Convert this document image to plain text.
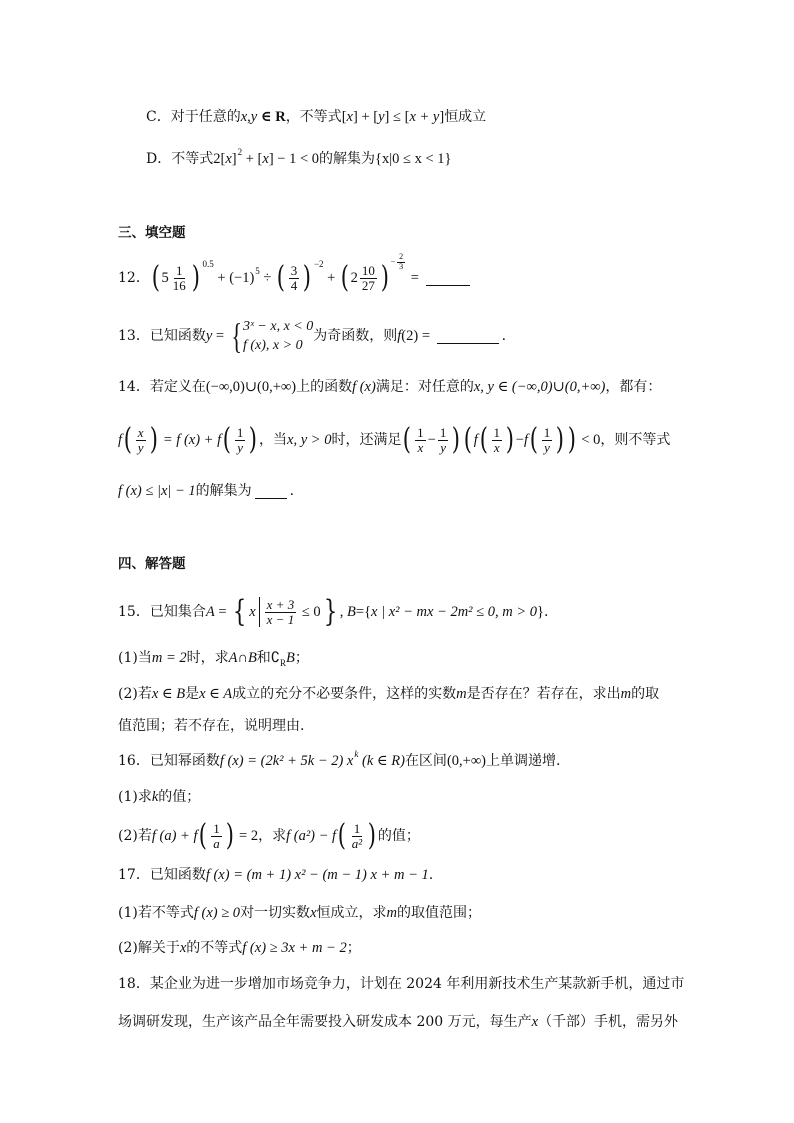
C．对于任意的 x , y ∈ R ，不等式 [ x ] + [ y ] ≤ [ x + y ] 恒成立
D．不等式 2 [ x ] 2 + [ x ] − 1 < 0 的解集为 {x|0 ≤ x < 1}
三、填空题
12． ( $5 \frac{1}{16}$ ) 0.5
+ (−1) 5 ÷ ( $\frac{3}{4}$ ) −2
+ ( $2 \frac{10}{27}$ ) − $\frac{2}{3}$
=
13．已知函数 y = { 3ˣ − x, x < 0
f (x), x > 0
为奇函数，则 f (2) =	.
14．若定义在 (−∞,0)∪(0,+∞) 上的函数 f (x) 满足：对任意的 x, y ∈ (−∞,0)∪(0,+∞) ，都有：
f ( $\frac{x}{y}$ ) = f (x) + f ( $\frac{1}{y}$ ) ，当 x, y > 0 时，还满足 ( $\frac{1}{x} - \frac{1}{y}$ ) ( f ( $\frac{1}{x}$ ) − f ( $\frac{1}{y}$ ) ) < 0 ，则不等式
f (x) ≤ |x| − 1 的解集为	.
四、解答题
15．已知集合 A = { x $\frac{x + 3}{x - 1} \le 0$ } , B = { x | x² − mx − 2m² ≤ 0, m > 0 } .
(1)当 m = 2 时，求 A∩B 和 ∁ R B ；
(2)若 x ∈ B 是 x ∈ A 成立的充分不必要条件，这样的实数 m 是否存在？若存在，求出 m 的取
值范围；若不存在，说明理由.
16．已知幂函数 f (x) = (2k² + 5k − 2) x k (k ∈ R) 在区间 (0,+∞) 上单调递增.
(1)求 k 的值；
(2)若 f (a) + f ( $\frac{1}{a}$ ) = 2 ，求 f (a²) − f ( $\frac{1}{\text{a²}}$ ) 的值；
17．已知函数 f (x) = (m + 1) x² − (m − 1) x + m − 1 .
(1)若不等式 f (x) ≥ 0 对一切实数 x 恒成立，求 m 的取值范围；
(2)解关于 x 的不等式 f (x) ≥ 3x + m − 2 ；
18．某企业为进一步增加市场竞争力，计划在 2024 年利用新技术生产某款新手机，通过市
场调研发现，生产该产品全年需要投入研发成本 200 万元，每生产 x （千部）手机，需另外
